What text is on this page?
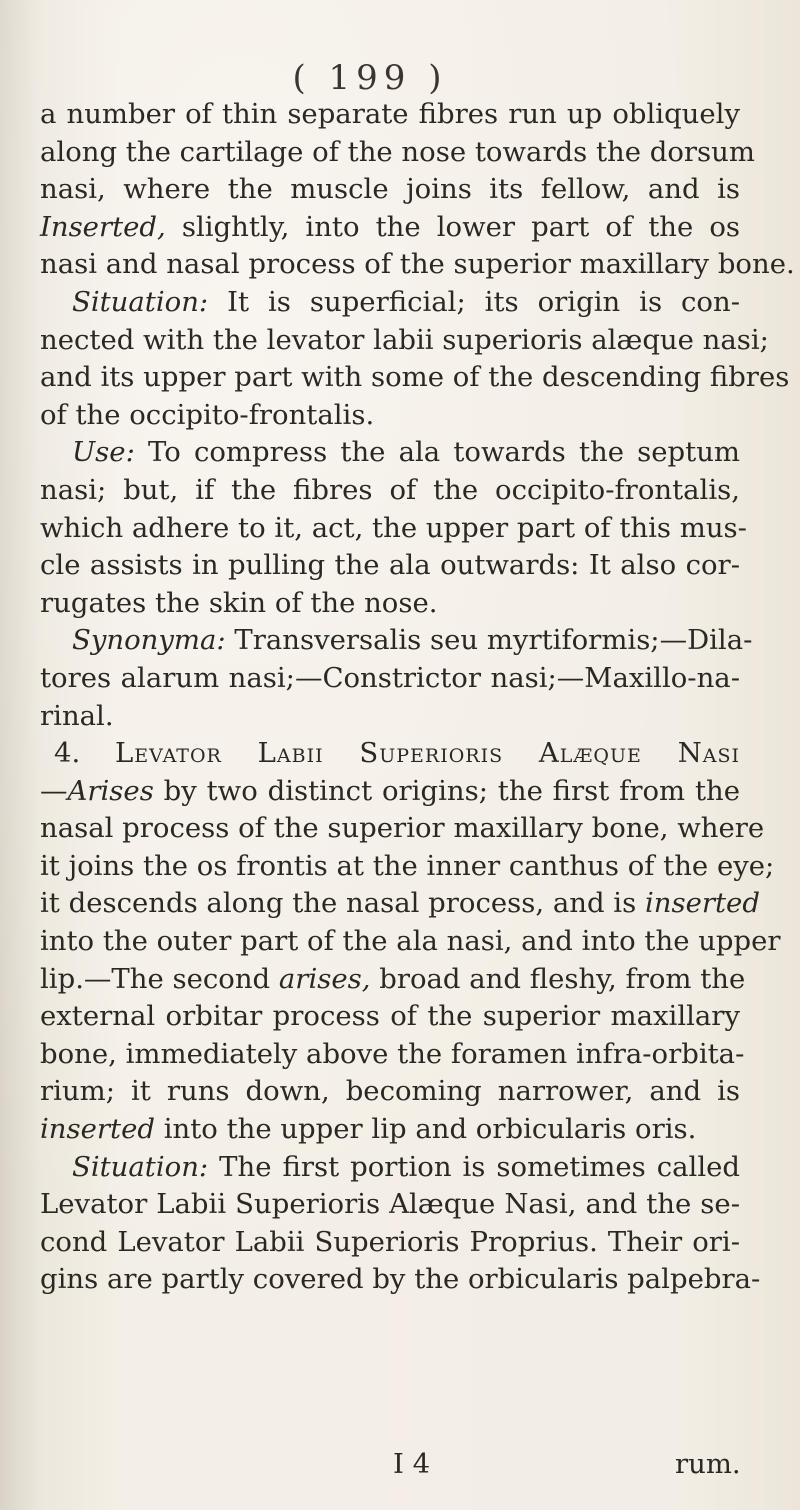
( 199 )
a number of thin separate fibres run up obliquely
along the cartilage of the nose towards the dorsum
nasi, where the muscle joins its fellow, and is
Inserted, slightly, into the lower part of the os
nasi and nasal process of the superior maxillary bone.
Situation: It is superficial; its origin is con-
nected with the levator labii superioris alæque nasi;
and its upper part with some of the descending fibres
of the occipito-frontalis.
Use: To compress the ala towards the septum
nasi; but, if the fibres of the occipito-frontalis,
which adhere to it, act, the upper part of this mus-
cle assists in pulling the ala outwards: It also cor-
rugates the skin of the nose.
Synonyma: Transversalis seu myrtiformis;—Dila-
tores alarum nasi;—Constrictor nasi;—Maxillo-na-
rinal.
4. Levator Labii Superioris Alæque Nasi
—Arises by two distinct origins; the first from the
nasal process of the superior maxillary bone, where
it joins the os frontis at the inner canthus of the eye;
it descends along the nasal process, and is inserted
into the outer part of the ala nasi, and into the upper
lip.—The second arises, broad and fleshy, from the
external orbitar process of the superior maxillary
bone, immediately above the foramen infra-orbita-
rium; it runs down, becoming narrower, and is
inserted into the upper lip and orbicularis oris.
Situation: The first portion is sometimes called
Levator Labii Superioris Alæque Nasi, and the se-
cond Levator Labii Superioris Proprius. Their ori-
gins are partly covered by the orbicularis palpebra-
I 4	rum.
